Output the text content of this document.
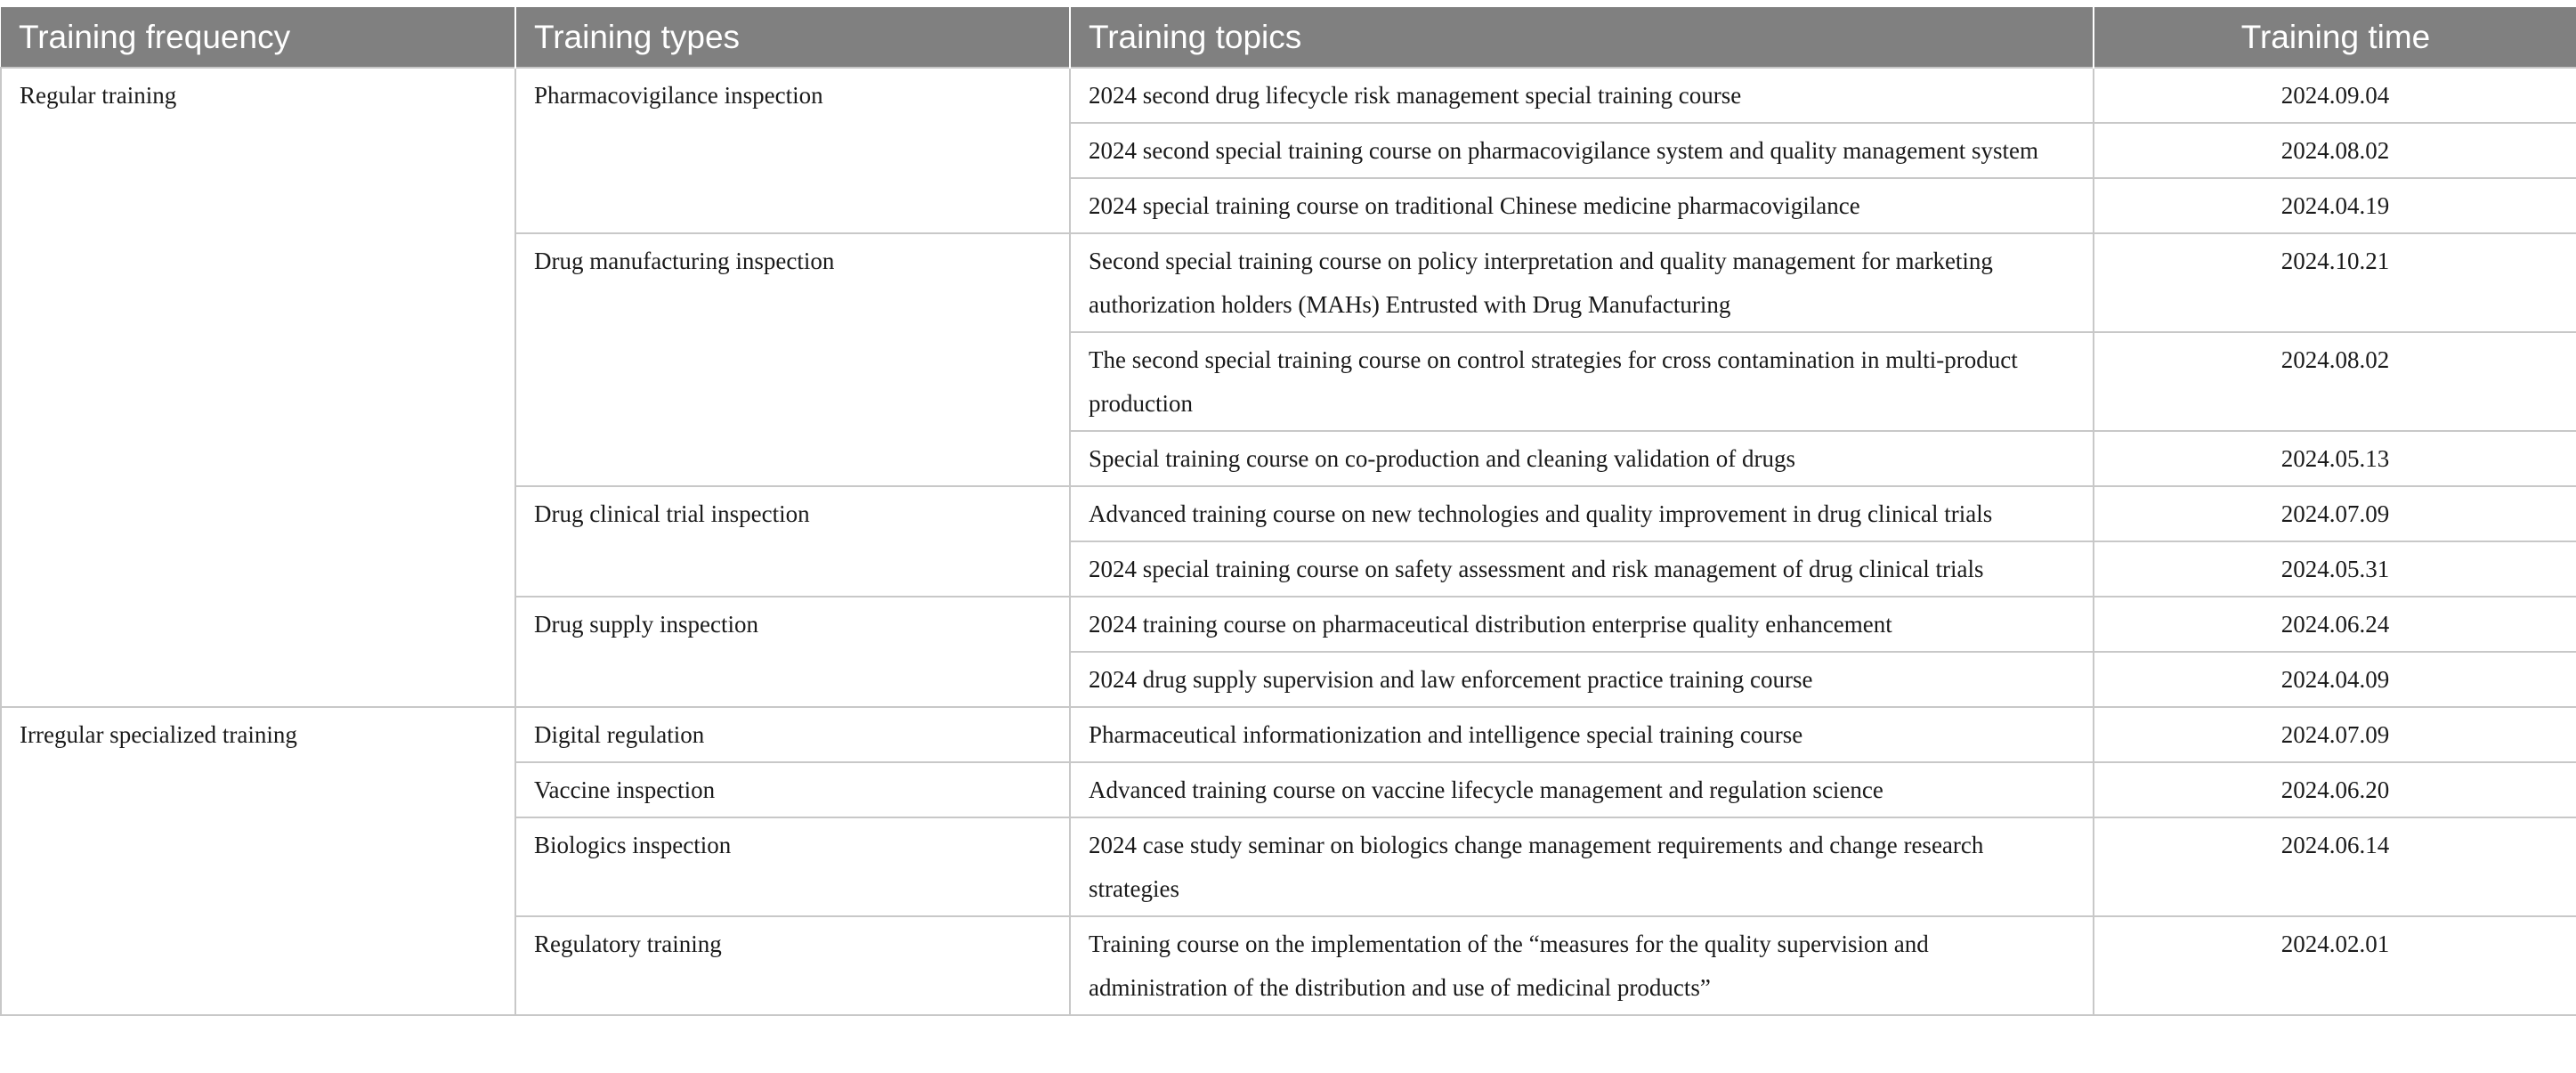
Training frequency	Training types	Training topics	Training time
Regular training	Pharmacovigilance inspection	2024 second drug lifecycle risk management special training course	2024.09.04
		2024 second special training course on pharmacovigilance system and quality management system	2024.08.02
		2024 special training course on traditional Chinese medicine pharmacovigilance	2024.04.19
	Drug manufacturing inspection	Second special training course on policy interpretation and quality management for marketing authorization holders (MAHs) Entrusted with Drug Manufacturing	2024.10.21
		The second special training course on control strategies for cross contamination in multi-product production	2024.08.02
		Special training course on co-production and cleaning validation of drugs	2024.05.13
	Drug clinical trial inspection	Advanced training course on new technologies and quality improvement in drug clinical trials	2024.07.09
		2024 special training course on safety assessment and risk management of drug clinical trials	2024.05.31
	Drug supply inspection	2024 training course on pharmaceutical distribution enterprise quality enhancement	2024.06.24
		2024 drug supply supervision and law enforcement practice training course	2024.04.09
Irregular specialized training	Digital regulation	Pharmaceutical informationization and intelligence special training course	2024.07.09
	Vaccine inspection	Advanced training course on vaccine lifecycle management and regulation science	2024.06.20
	Biologics inspection	2024 case study seminar on biologics change management requirements and change research strategies	2024.06.14
	Regulatory training	Training course on the implementation of the “measures for the quality supervision and administration of the distribution and use of medicinal products”	2024.02.01
